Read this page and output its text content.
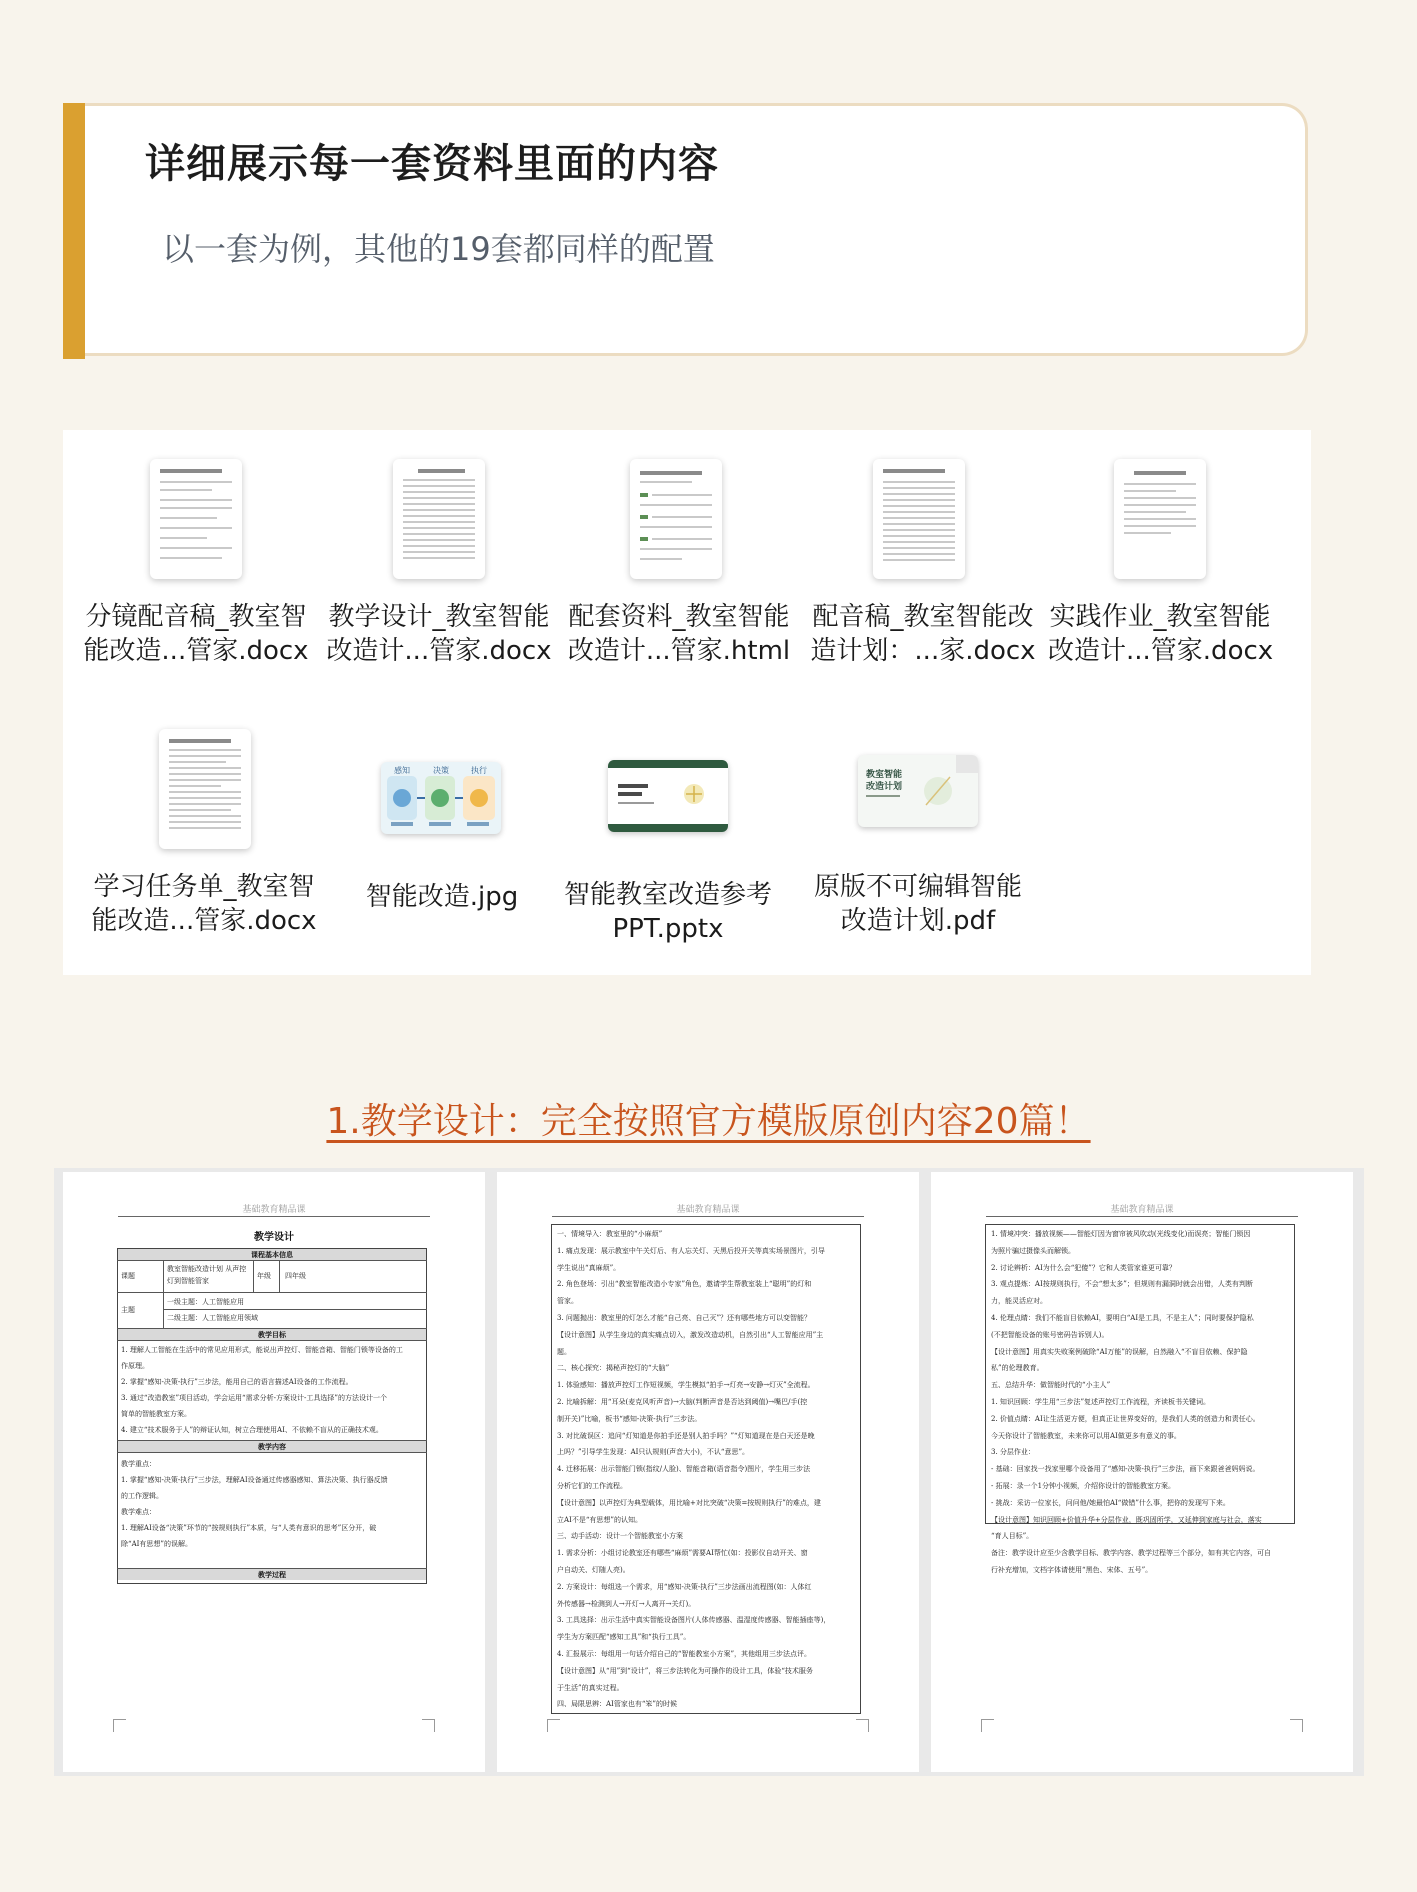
详细展示每一套资料里面的内容
以一套为例，其他的19套都同样的配置
分镜配音稿_教室智
能改造...管家.docx
教学设计_教室智能
改造计...管家.docx
配套资料_教室智能
改造计...管家.html
配音稿_教室智能改
造计划：...家.docx
实践作业_教室智能
改造计...管家.docx
学习任务单_教室智
能改造...管家.docx
感知	决策	执行
智能改造.jpg	智能教室改造参考
PPT.pptx
教室智能
改造计划
原版不可编辑智能
改造计划.pdf
1.教学设计：完全按照官方模版原创内容20篇！
基础教育精品课
教学设计
课程基本信息
课题
教室智能改造计划 从声控
灯到智能管家
年级 四年级
主题
一级主题：人工智能应用
二级主题：人工智能应用领域
教学目标
1. 理解人工智能在生活中的常见应用形式，能说出声控灯、智能音箱、智能门锁等设备的工
作原理。
2. 掌握“感知-决策-执行”三步法，能用自己的语言描述AI设备的工作流程。
3. 通过“改造教室”项目活动，学会运用“需求分析-方案设计-工具选择”的方法设计一个
简单的智能教室方案。
4. 建立“技术服务于人”的辩证认知，树立合理使用AI、不依赖不盲从的正确技术观。
教学内容
教学重点：
1. 掌握“感知-决策-执行”三步法，理解AI设备通过传感器感知、算法决策、执行器反馈
的工作逻辑。
教学难点：
1. 理解AI设备“决策”环节的“按规则执行”本质，与“人类有意识的思考”区分开，破
除“AI有思想”的误解。
教学过程
基础教育精品课
一、情境导入：教室里的“小麻烦”
1. 痛点发现：展示教室中午关灯后、有人忘关灯、天黑后投开关等真实场景图片，引导
学生说出“真麻烦”。
2. 角色登场：引出“教室智能改造小专家”角色，邀请学生帮教室装上“聪明”的灯和
管家。
3. 问题抛出：教室里的灯怎么才能“自己亮、自己灭”？还有哪些地方可以变智能？
【设计意图】从学生身边的真实痛点切入，激发改造动机，自然引出“人工智能应用”主
题。
二、核心探究：揭秘声控灯的“大脑”
1. 体验感知：播放声控灯工作短视频，学生模拟“拍手→灯亮→安静→灯灭”全流程。
2. 比喻拆解：用“耳朵(麦克风听声音)→大脑(判断声音是否达到阈值)→嘴巴/手(控
制开关)”比喻，板书“感知-决策-执行”三步法。
3. 对比破误区：追问“灯知道是你拍手还是别人拍手吗？”“灯知道现在是白天还是晚
上吗？”引导学生发现：AI只认规则(声音大小)，不认“意思”。
4. 迁移拓展：出示智能门锁(指纹/人脸)、智能音箱(语音指令)图片，学生用三步法
分析它们的工作流程。
【设计意图】以声控灯为典型载体，用比喻+对比突破“决策=按规则执行”的难点，建
立AI不是“有思想”的认知。
三、动手活动：设计一个智能教室小方案
1. 需求分析：小组讨论教室还有哪些“麻烦”需要AI帮忙(如：投影仪自动开关、窗
户自动关、灯随人亮)。
2. 方案设计：每组选一个需求，用“感知-决策-执行”三步法画出流程图(如：人体红
外传感器→检测到人→开灯→人离开→关灯)。
3. 工具选择：出示生活中真实智能设备图片(人体传感器、温湿度传感器、智能插座等)，
学生为方案匹配“感知工具”和“执行工具”。
4. 汇报展示：每组用一句话介绍自己的“智能教室小方案”，其他组用三步法点评。
【设计意图】从“用”到“设计”，将三步法转化为可操作的设计工具，体验“技术服务
于生活”的真实过程。
四、局限思辨：AI管家也有“笨”的时候
基础教育精品课
1. 情境冲突：播放视频——智能灯因为窗帘被风吹动(光线变化)而误亮；智能门锁因
为照片骗过摄像头而解锁。
2. 讨论辨析：AI为什么会“犯傻”？它和人类管家谁更可靠？
3. 观点提炼：AI按规则执行，不会“想太多”；但规则有漏洞时就会出错，人类有判断
力，能灵活应对。
4. 伦理点睛：我们不能盲目依赖AI，要明白“AI是工具，不是主人”；同时要保护隐私
(不把智能设备的账号密码告诉别人)。
【设计意图】用真实失败案例破除“AI万能”的误解，自然融入“不盲目依赖、保护隐
私”的伦理教育。
五、总结升华：做智能时代的“小主人”
1. 知识回顾：学生用“三步法”复述声控灯工作流程，齐读板书关键词。
2. 价值点睛：AI让生活更方便，但真正让世界变好的，是我们人类的创造力和责任心。
今天你设计了智能教室，未来你可以用AI做更多有意义的事。
3. 分层作业：
- 基础：回家找一找家里哪个设备用了“感知-决策-执行”三步法，画下来跟爸爸妈妈说。
- 拓展：录一个1分钟小视频，介绍你设计的智能教室方案。
- 挑战：采访一位家长，问问他/她最怕AI“做错”什么事，把你的发现写下来。
【设计意图】知识回顾+价值升华+分层作业，既巩固所学，又延伸到家庭与社会，落实
“育人目标”。
备注：教学设计应至少含教学目标、教学内容、教学过程等三个部分，如有其它内容，可自
行补充增加，文档字体请使用“黑色、宋体、五号”。
